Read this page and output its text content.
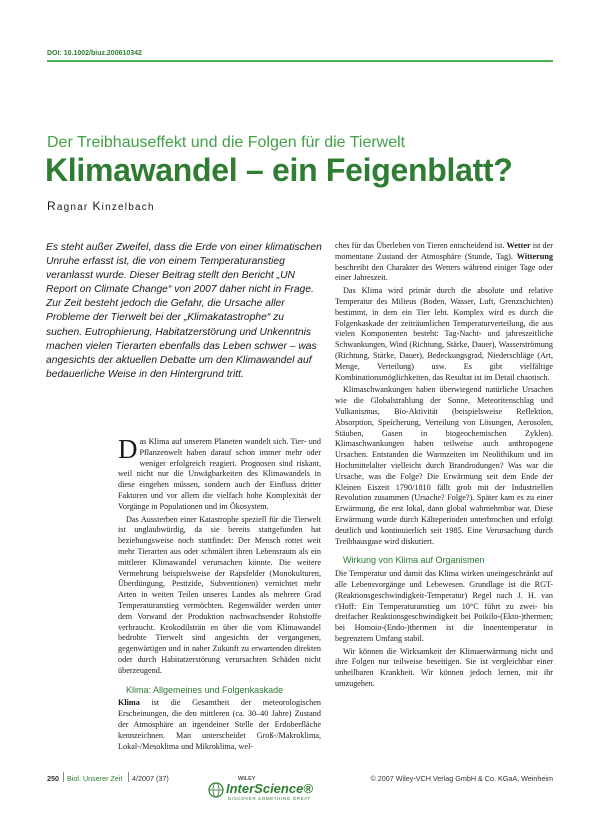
DOI: 10.1002/biuz.200610342
Der Treibhauseffekt und die Folgen für die Tierwelt
Klimawandel – ein Feigenblatt?
Ragnar Kinzelbach
Es steht außer Zweifel, dass die Erde von einer klimatischen Unruhe erfasst ist, die von einem Temperaturanstieg veranlasst wurde. Dieser Beitrag stellt den Bericht „UN Report on Climate Change“ von 2007 daher nicht in Frage. Zur Zeit besteht jedoch die Gefahr, die Ursache aller Probleme der Tierwelt bei der „Klimakatastrophe“ zu suchen. Eutrophierung, Habitatzerstörung und Unkenntnis machen vielen Tierarten ebenfalls das Leben schwer – was angesichts der aktuellen Debatte um den Klimawandel auf bedauerliche Weise in den Hintergrund tritt.

Das Klima auf unserem Planeten wandelt sich. Tier- und Pflanzenwelt haben darauf schon immer mehr oder weniger erfolgreich reagiert. Prognosen sind riskant, weil nicht nur die Unwägbarkeiten des Klimawandels in diese eingehen müssen, sondern auch der Einfluss dritter Faktoren und vor allem die vielfach hohe Komplexität der Vorgänge in Populationen und im Ökosystem.

Das Aussterben einer Katastrophe speziell für die Tierwelt ist unglaubwürdig, da sie bereits stattgefunden hat beziehungsweise noch stattfindet: Der Mensch rottet weit mehr Tierarten aus oder schmälert ihren Lebensraum als ein mittlerer Klimawandel verursachen könnte. Die weitere Vermehrung beispielsweise der Rapsfelder (Monokulturen, Überdüngung, Pestizide, Subventionen) vernichtet mehr Arten in weiten Teilen unseres Landes als mehrere Grad Temperaturanstieg vermöchten. Regenwälder werden unter dem Vorwand der Produktion nachwachsender Rohstoffe verbraucht. Krokodilsträn en über die vom Klimawandel bedrohte Tierwelt sind angesichts der vergangenen, gegenwärtigen und in naher Zukunft zu erwartenden direkten oder durch Habitatzerstörung verursachten Schäden nicht überzeugend.

Klima: Allgemeines und Folgenkaskade

Klima ist die Gesamtheit der meteorologischen Erscheinungen, die den mittleren (ca. 30–40 Jahre) Zustand der Atmosphäre an irgendeiner Stelle der Erdoberfläche kennzeichnen. Man unterscheidet Groß-/Makroklima, Lokal-/Mesoklima und Mikroklima, wel-

ches für das Überleben von Tieren entscheidend ist. Wetter ist der momentane Zustand der Atmosphäre (Stunde, Tag). Witterung beschreibt den Charakter des Wetters während einiger Tage oder einer Jahreszeit.

Das Klima wird primär durch die absolute und relative Temperatur des Milieus (Boden, Wasser, Luft, Grenzschichten) bestimmt, in dem ein Tier lebt. Komplex wird es durch die Folgenkaskade der zeiträumlichen Temperaturverteilung, die aus vielen Komponenten besteht: Tag-Nacht- und jahreszeitliche Schwankungen, Wind (Richtung, Stärke, Dauer), Wasserströmung (Richtung, Stärke, Dauer), Bedeckungsgrad, Niederschläge (Art, Menge, Verteilung) usw. Es gibt vielfältige Kombinationsmöglichkeiten, das Resultat ist im Detail chaotisch.

Klimaschwankungen haben überwiegend natürliche Ursachen wie die Globalstrahlung der Sonne, Meteoritenschlag und Vulkanismus, Bio-Aktivität (beispielsweise Reflektion, Absorption, Speicherung, Verteilung von Lösungen, Aerosolen, Stäuben, Gasen in biogeochemischen Zyklen). Klimaschwankungen haben teilweise auch anthropogene Ursachen. Entstanden die Warmzeiten im Neolithikum und im Hochmittelalter vielleicht durch Brandrodungen? Was war die Ursache, was die Folge? Die Erwärmung seit dem Ende der Kleinen Eiszeit 1790/1810 fällt grob mit der Industriellen Revolution zusammen (Ursache? Folge?). Später kam es zu einer Erwärmung, die erst lokal, dann global wahrnehmbar war. Diese Erwärmung wurde durch Kälteperioden unterbrochen und erfolgt deutlich und kontinuierlich seit 1985. Eine Verursachung durch Treibhausgase wird diskutiert.

Wirkung von Klima auf Organismen

Die Temperatur und damit das Klima wirken uneingeschränkt auf alle Lebensvorgänge und Lebewesen. Grundlage ist die RGT- (Reaktionsgeschwindigkeit-Temperatur) Regel nach J. H. van t'Hoff: Ein Temperaturanstieg um 10°C führt zu zwei- bis dreifacher Reaktionsgeschwindigkeit bei Poikilo-(Ekto-)thermen; bei Homoio-(Endo-)thermen ist die Innentemperatur in begrenztem Umfang stabil.

Wir können die Wirksamkeit der Klimaerwärmung nicht und ihre Folgen nur teilweise beseitigen. Sie ist vergleichbar einer unheilbaren Krankheit. Wir können jedoch lernen, mit ihr umzugehen.

250 Biol. Unserer Zeit 4/2007 (37)	© 2007 Wiley-VCH Verlag GmbH & Co. KGaA, Weinheim
WILEY
InterScience®
DISCOVER SOMETHING GREAT
